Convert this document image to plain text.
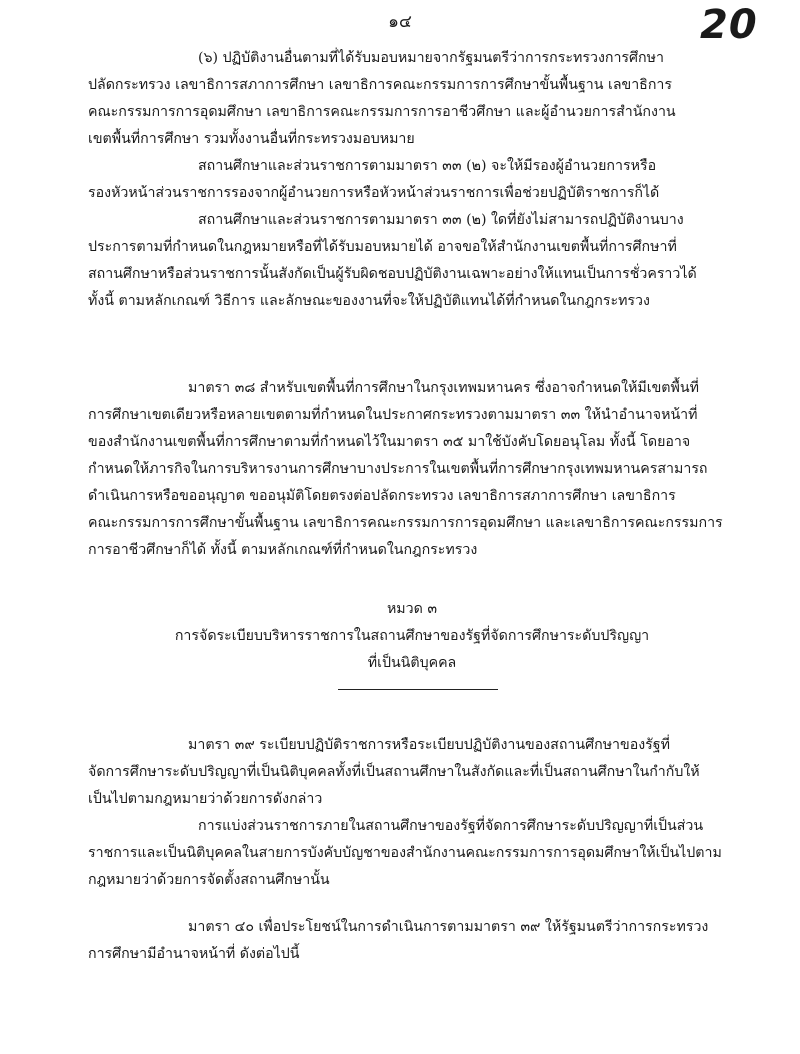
๑๔	20
(๖) ปฏิบัติงานอื่นตามที่ได้รับมอบหมายจากรัฐมนตรีว่าการกระทรวงการศึกษา
ปลัดกระทรวง เลขาธิการสภาการศึกษา เลขาธิการคณะกรรมการการศึกษาขั้นพื้นฐาน เลขาธิการ
คณะกรรมการการอุดมศึกษา เลขาธิการคณะกรรมการการอาชีวศึกษา และผู้อำนวยการสำนักงาน
เขตพื้นที่การศึกษา รวมทั้งงานอื่นที่กระทรวงมอบหมาย
สถานศึกษาและส่วนราชการตามมาตรา ๓๓ (๒) จะให้มีรองผู้อำนวยการหรือ
รองหัวหน้าส่วนราชการรองจากผู้อำนวยการหรือหัวหน้าส่วนราชการเพื่อช่วยปฏิบัติราชการก็ได้
สถานศึกษาและส่วนราชการตามมาตรา ๓๓ (๒) ใดที่ยังไม่สามารถปฏิบัติงานบาง
ประการตามที่กำหนดในกฎหมายหรือที่ได้รับมอบหมายได้ อาจขอให้สำนักงานเขตพื้นที่การศึกษาที่
สถานศึกษาหรือส่วนราชการนั้นสังกัดเป็นผู้รับผิดชอบปฏิบัติงานเฉพาะอย่างให้แทนเป็นการชั่วคราวได้
ทั้งนี้ ตามหลักเกณฑ์ วิธีการ และลักษณะของงานที่จะให้ปฏิบัติแทนได้ที่กำหนดในกฎกระทรวง
มาตรา ๓๘ สำหรับเขตพื้นที่การศึกษาในกรุงเทพมหานคร ซึ่งอาจกำหนดให้มีเขตพื้นที่
การศึกษาเขตเดียวหรือหลายเขตตามที่กำหนดในประกาศกระทรวงตามมาตรา ๓๓ ให้นำอำนาจหน้าที่
ของสำนักงานเขตพื้นที่การศึกษาตามที่กำหนดไว้ในมาตรา ๓๕ มาใช้บังคับโดยอนุโลม ทั้งนี้ โดยอาจ
กำหนดให้ภารกิจในการบริหารงานการศึกษาบางประการในเขตพื้นที่การศึกษากรุงเทพมหานครสามารถ
ดำเนินการหรือขออนุญาต ขออนุมัติโดยตรงต่อปลัดกระทรวง เลขาธิการสภาการศึกษา เลขาธิการ
คณะกรรมการการศึกษาขั้นพื้นฐาน เลขาธิการคณะกรรมการการอุดมศึกษา และเลขาธิการคณะกรรมการ
การอาชีวศึกษาก็ได้ ทั้งนี้ ตามหลักเกณฑ์ที่กำหนดในกฎกระทรวง
หมวด ๓
การจัดระเบียบบริหารราชการในสถานศึกษาของรัฐที่จัดการศึกษาระดับปริญญา
ที่เป็นนิติบุคคล
มาตรา ๓๙ ระเบียบปฏิบัติราชการหรือระเบียบปฏิบัติงานของสถานศึกษาของรัฐที่
จัดการศึกษาระดับปริญญาที่เป็นนิติบุคคลทั้งที่เป็นสถานศึกษาในสังกัดและที่เป็นสถานศึกษาในกำกับให้
เป็นไปตามกฎหมายว่าด้วยการดังกล่าว
การแบ่งส่วนราชการภายในสถานศึกษาของรัฐที่จัดการศึกษาระดับปริญญาที่เป็นส่วน
ราชการและเป็นนิติบุคคลในสายการบังคับบัญชาของสำนักงานคณะกรรมการการอุดมศึกษาให้เป็นไปตาม
กฎหมายว่าด้วยการจัดตั้งสถานศึกษานั้น
มาตรา ๔๐ เพื่อประโยชน์ในการดำเนินการตามมาตรา ๓๙ ให้รัฐมนตรีว่าการกระทรวง
การศึกษามีอำนาจหน้าที่ ดังต่อไปนี้
